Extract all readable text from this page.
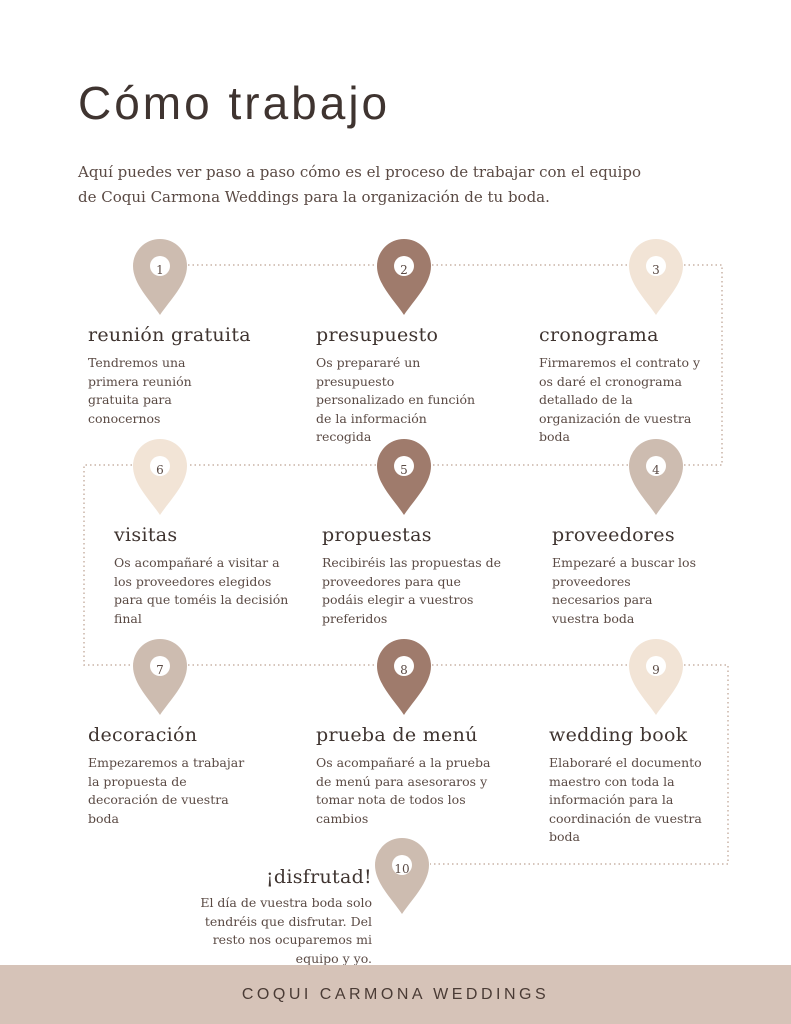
Cómo trabajo

Aquí puedes ver paso a paso cómo es el proceso de trabajar con el equipo

de Coqui Carmona Weddings para la organización de tu boda.

1	2	3
4
5
6
7	8	9
10
reunión gratuita

Tendremos una primera reunión gratuita para conocernos

presupuesto

Os prepararé un presupuesto personalizado en función de la información recogida

cronograma

Firmaremos el contrato y os daré el cronograma detallado de la organización de vuestra boda

visitas

Os acompañaré a visitar a los proveedores elegidos para que toméis la decisión final

propuestas

Recibiréis las propuestas de proveedores para que podáis elegir a vuestros preferidos

proveedores

Empezaré a buscar los proveedores necesarios para vuestra boda

decoración

Empezaremos a trabajar la propuesta de decoración de vuestra boda

prueba de menú

Os acompañaré a la prueba de menú para asesoraros y tomar nota de todos los cambios

wedding book

Elaboraré el documento maestro con toda la información para la coordinación de vuestra boda

¡disfrutad!

El día de vuestra boda solo tendréis que disfrutar. Del resto nos ocuparemos mi equipo y yo.

COQUI CARMONA WEDDINGS
